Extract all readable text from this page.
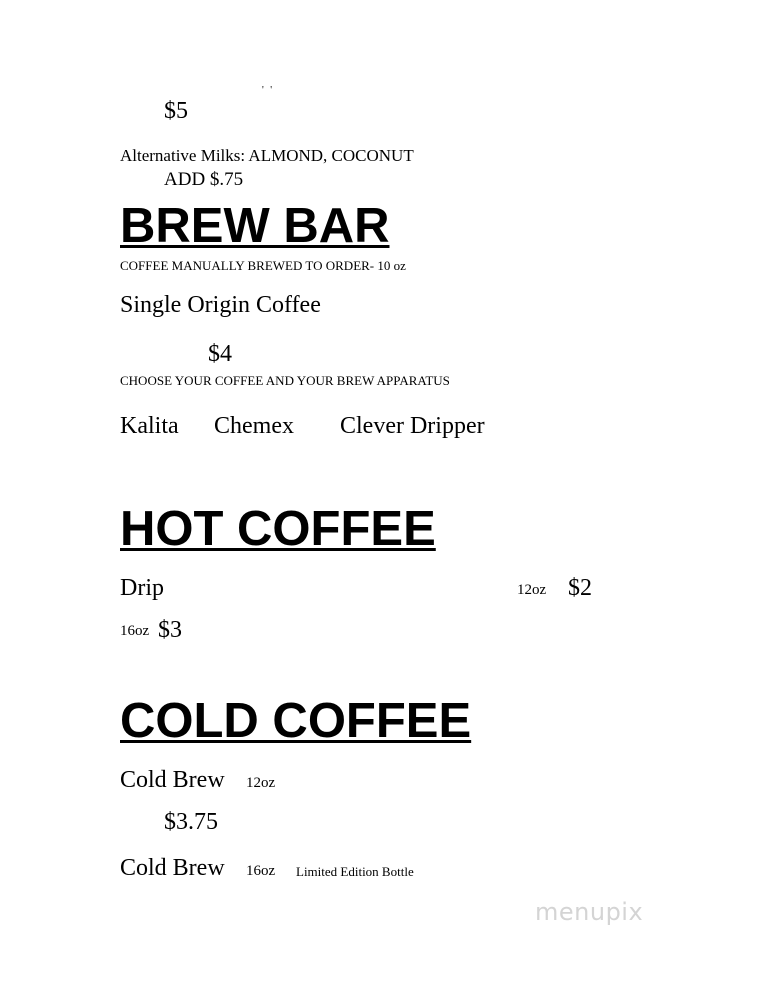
' '
$5
Alternative Milks: ALMOND, COCONUT
ADD $.75
BREW BAR
COFFEE MANUALLY BREWED TO ORDER- 10 oz
Single Origin Coffee
$4
CHOOSE YOUR COFFEE AND YOUR BREW APPARATUS
Kalita Chemex Clever Dripper
HOT COFFEE
Drip	12oz $2
16oz $3
COLD COFFEE
Cold Brew 12oz
$3.75
Cold Brew 16oz Limited Edition Bottle
menupix
